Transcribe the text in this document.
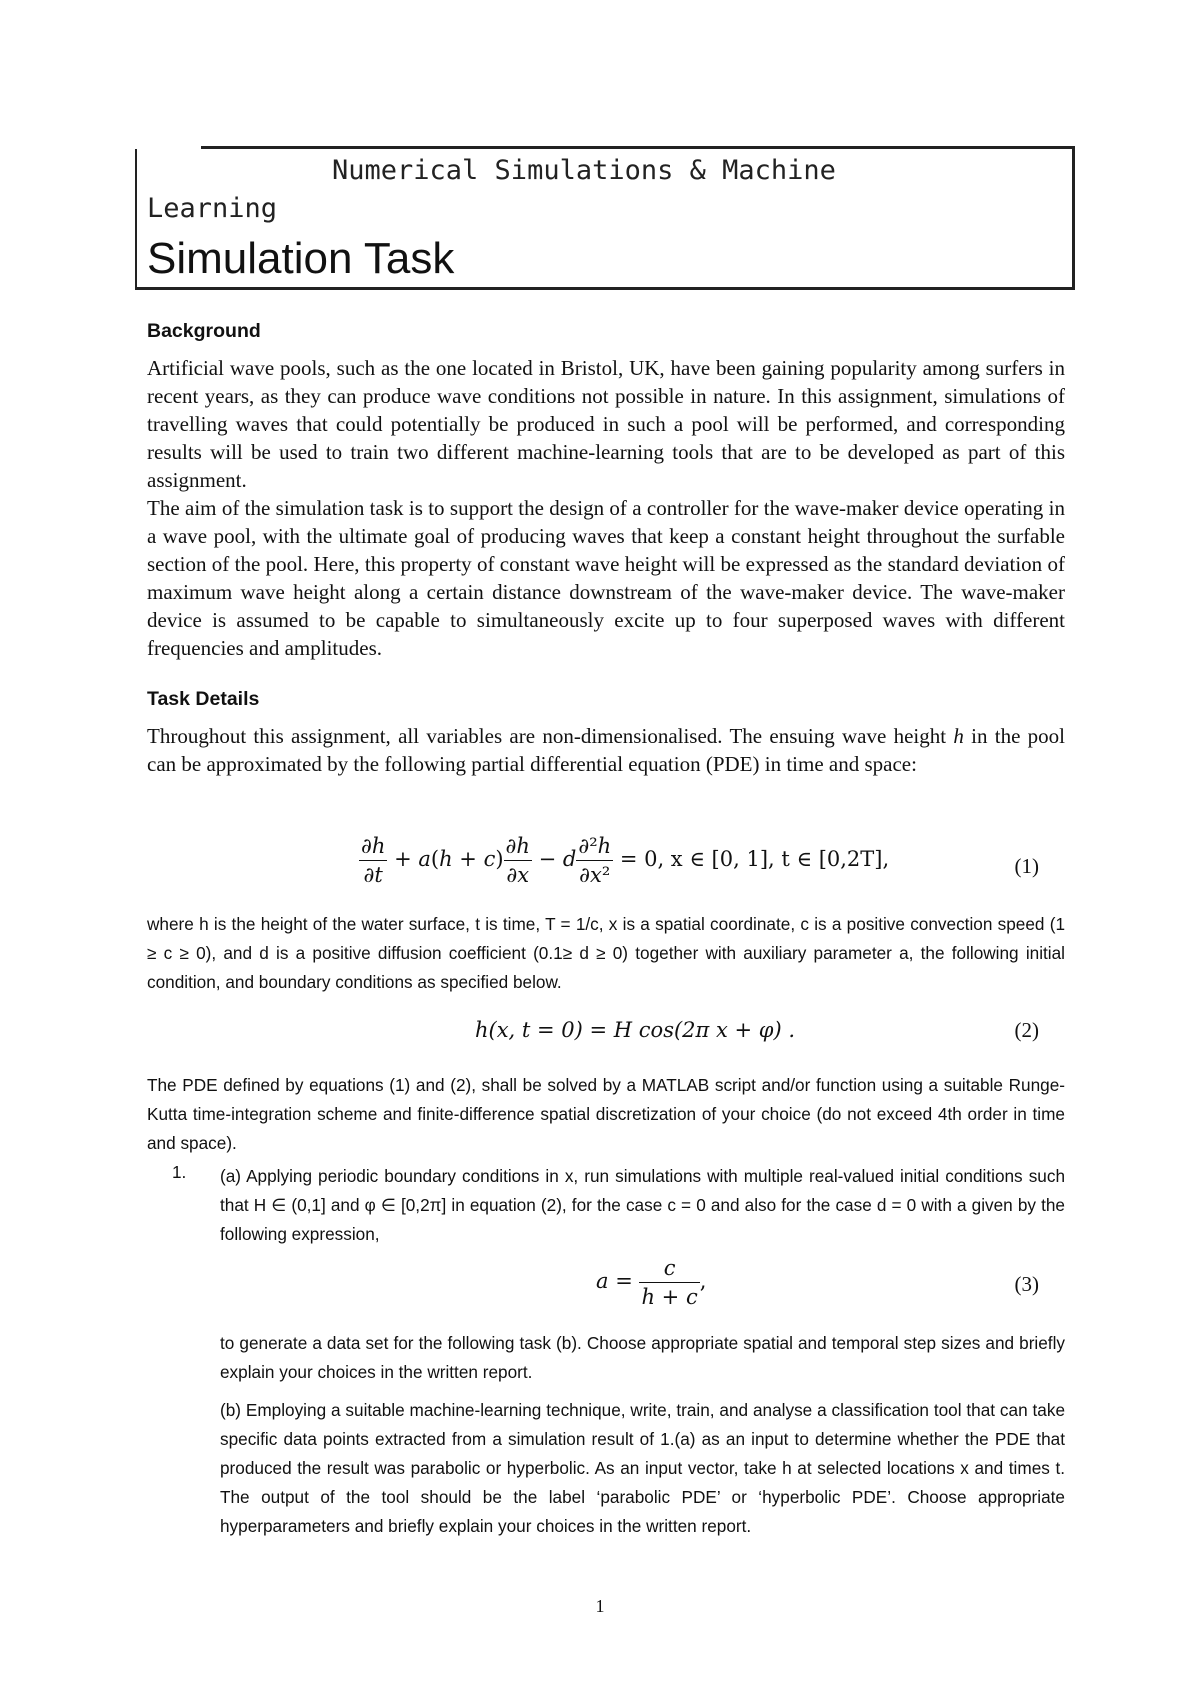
Numerical Simulations & Machine
Learning
Simulation Task
Background

Artificial wave pools, such as the one located in Bristol, UK, have been gaining popularity among surfers in recent years, as they can produce wave conditions not possible in nature. In this assignment, simulations of travelling waves that could potentially be produced in such a pool will be performed, and corresponding results will be used to train two different machine-learning tools that are to be developed as part of this assignment.

The aim of the simulation task is to support the design of a controller for the wave-maker device operating in a wave pool, with the ultimate goal of producing waves that keep a constant height throughout the surfable section of the pool. Here, this property of constant wave height will be expressed as the standard deviation of maximum wave height along a certain distance downstream of the wave-maker device. The wave-maker device is assumed to be capable to simultaneously excite up to four superposed waves with different frequencies and amplitudes.

Task Details

Throughout this assignment, all variables are non-dimensionalised. The ensuing wave height h in the pool can be approximated by the following partial differential equation (PDE) in time and space:

$\frac{\partial h}{\partial t} + a(h + c) \frac{\partial h}{\partial x} - d \frac{\text{∂²h}}{\text{∂x²}} = 0$, x ∈ [0, 1], t ∈ [0,2T],	(1)

where h is the height of the water surface, t is time, T = 1/c, x is a spatial coordinate, c is a positive convection speed (1 ≥ c ≥ 0), and d is a positive diffusion coefficient (0.1≥ d ≥ 0) together with auxiliary parameter a, the following initial condition, and boundary conditions as specified below.

h(x, t = 0) = H cos(2π x + φ) .	(2)

The PDE defined by equations (1) and (2), shall be solved by a MATLAB script and/or function using a suitable Runge-Kutta time-integration scheme and finite-difference spatial discretization of your choice (do not exceed 4th order in time and space).

1. (a) Applying periodic boundary conditions in x, run simulations with multiple real-valued initial conditions such that H ∈ (0,1] and φ ∈ [0,2π] in equation (2), for the case c = 0 and also for the case d = 0 with a given by the following expression,

$a = \frac{c}{h + c}$ ,	(3)

to generate a data set for the following task (b). Choose appropriate spatial and temporal step sizes and briefly explain your choices in the written report.

(b) Employing a suitable machine-learning technique, write, train, and analyse a classification tool that can take specific data points extracted from a simulation result of 1.(a) as an input to determine whether the PDE that produced the result was parabolic or hyperbolic. As an input vector, take h at selected locations x and times t. The output of the tool should be the label ‘parabolic PDE’ or ‘hyperbolic PDE’. Choose appropriate hyperparameters and briefly explain your choices in the written report.

1
